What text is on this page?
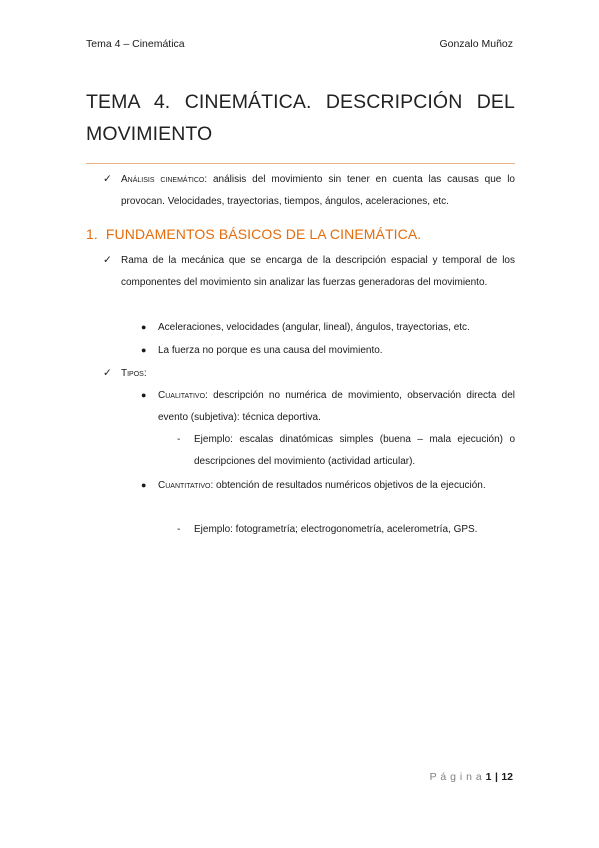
Tema 4 – Cinemática	Gonzalo Muñoz
TEMA 4. CINEMÁTICA. DESCRIPCIÓN DEL MOVIMIENTO
✓ Análisis cinemático: análisis del movimiento sin tener en cuenta las causas que lo provocan. Velocidades, trayectorias, tiempos, ángulos, aceleraciones, etc.
1. FUNDAMENTOS BÁSICOS DE LA CINEMÁTICA.
✓ Rama de la mecánica que se encarga de la descripción espacial y temporal de los componentes del movimiento sin analizar las fuerzas generadoras del movimiento.
● Aceleraciones, velocidades (angular, lineal), ángulos, trayectorias, etc.
● La fuerza no porque es una causa del movimiento.
✓ Tipos:
● Cualitativo: descripción no numérica de movimiento, observación directa del evento (subjetiva): técnica deportiva.
- Ejemplo: escalas dinatómicas simples (buena – mala ejecución) o descripciones del movimiento (actividad articular).
● Cuantitativo: obtención de resultados numéricos objetivos de la ejecución.
- Ejemplo: fotogrametría; electrogonometría, acelerometría, GPS.
P á g i n a 1 | 12
